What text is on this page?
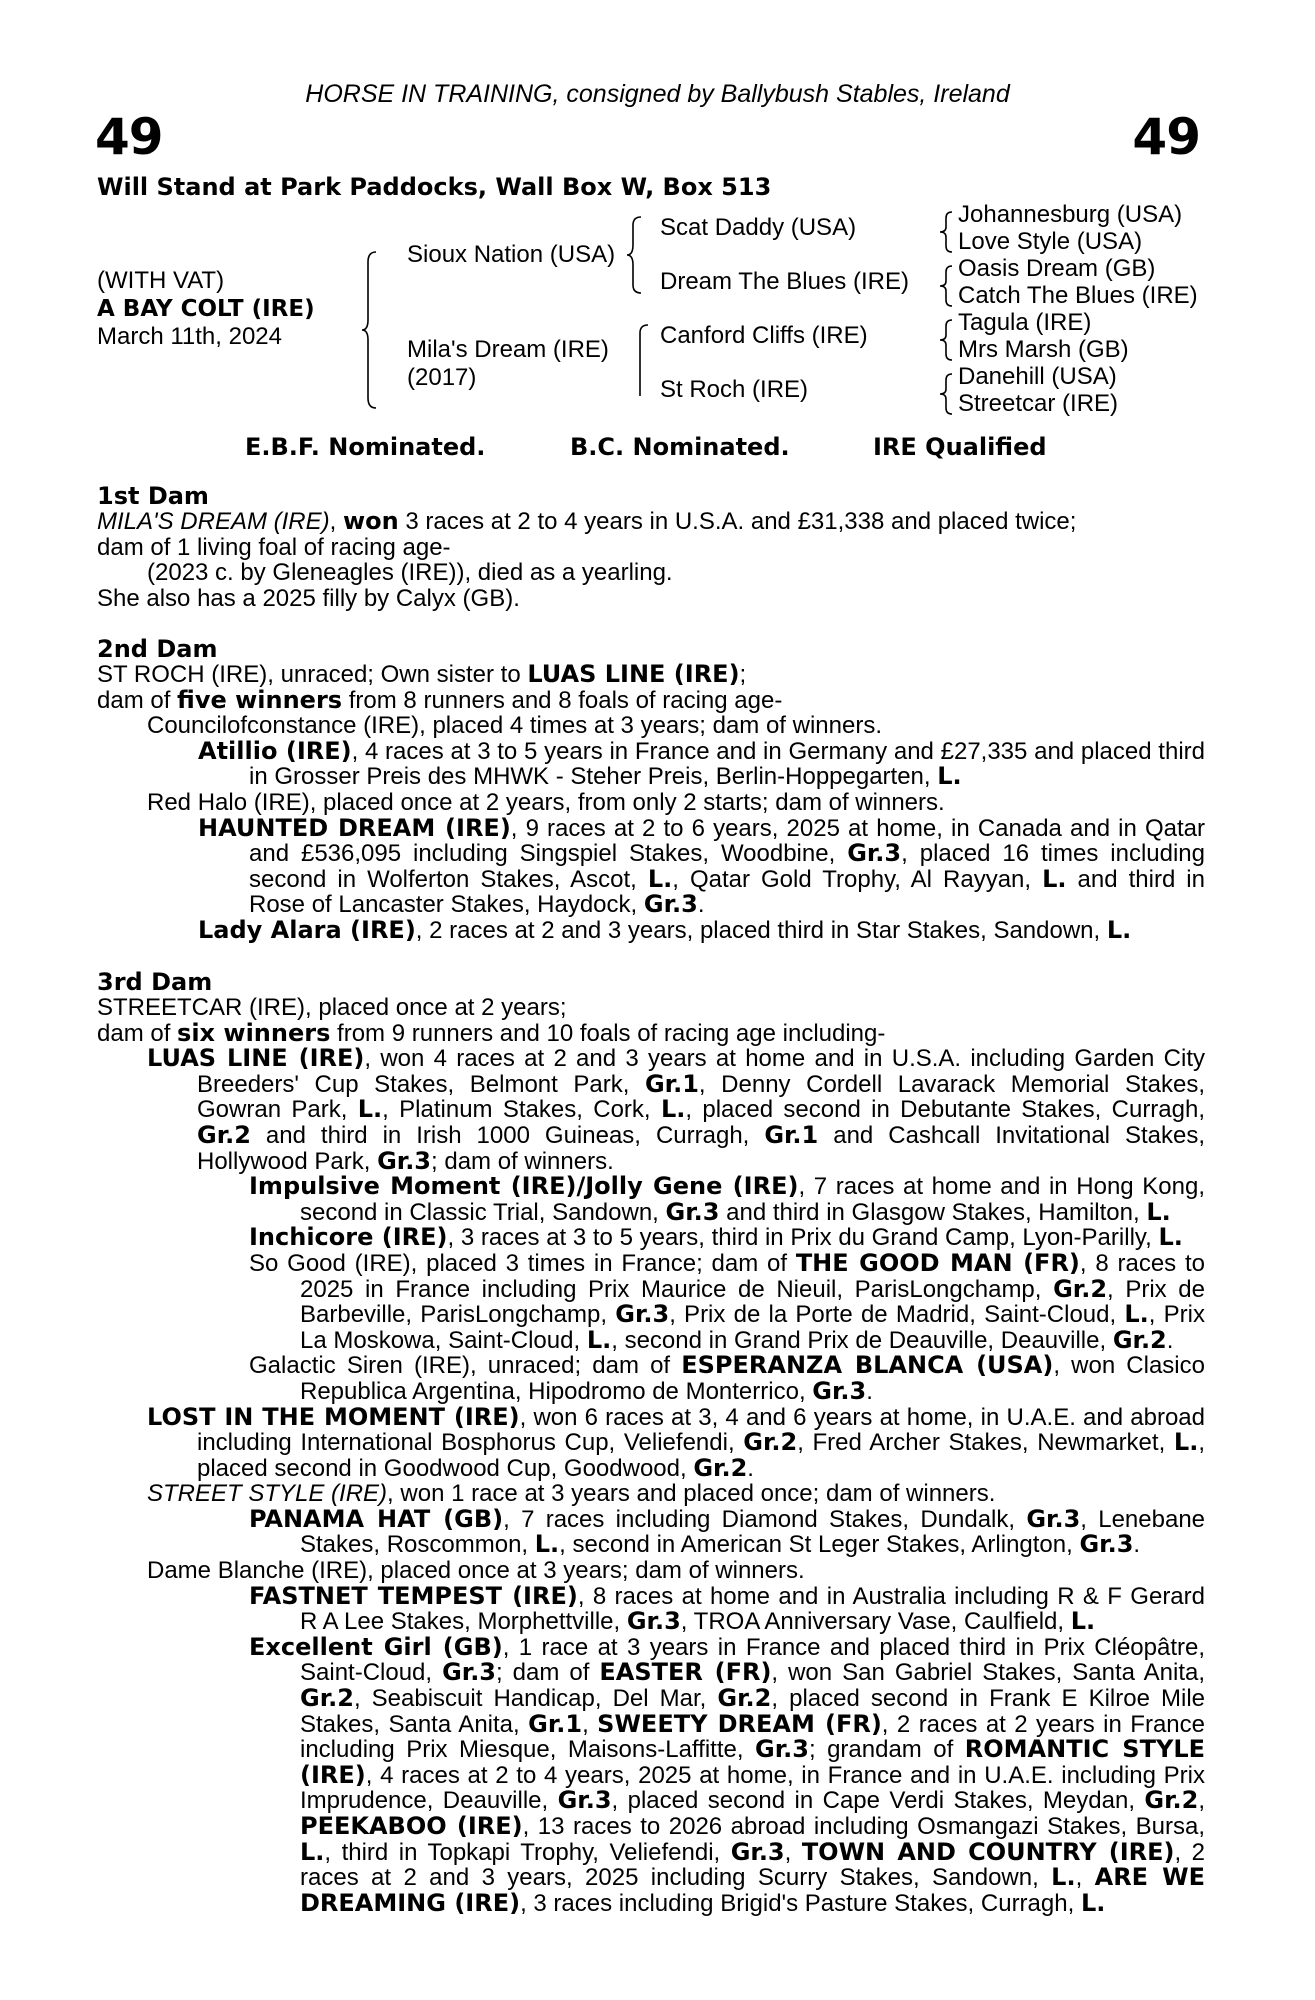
HORSE IN TRAINING, consigned by Ballybush Stables, Ireland
49	49
Will Stand at Park Paddocks, Wall Box W, Box 513
(WITH VAT)
A BAY COLT (IRE)
March 11th, 2024
Sioux Nation (USA)
Mila's Dream (IRE)
(2017)
Scat Daddy (USA)
Dream The Blues (IRE)
Canford Cliffs (IRE)
St Roch (IRE)
Johannesburg (USA)
Love Style (USA)
Oasis Dream (GB)
Catch The Blues (IRE)
Tagula (IRE)
Mrs Marsh (GB)
Danehill (USA)
Streetcar (IRE)
E.B.F. Nominated.	B.C. Nominated.	IRE Qualified
1st Dam

MILA'S DREAM (IRE), won 3 races at 2 to 4 years in U.S.A. and £31,338 and placed twice;

dam of 1 living foal of racing age-

(2023 c. by Gleneagles (IRE)), died as a yearling.

She also has a 2025 filly by Calyx (GB).

2nd Dam

ST ROCH (IRE), unraced; Own sister to LUAS LINE (IRE);

dam of five winners from 8 runners and 8 foals of racing age-

Councilofconstance (IRE), placed 4 times at 3 years; dam of winners.

Atillio (IRE), 4 races at 3 to 5 years in France and in Germany and £27,335 and placed third in Grosser Preis des MHWK - Steher Preis, Berlin-Hoppegarten, L.

Red Halo (IRE), placed once at 2 years, from only 2 starts; dam of winners.

HAUNTED DREAM (IRE), 9 races at 2 to 6 years, 2025 at home, in Canada and in Qatar and £536,095 including Singspiel Stakes, Woodbine, Gr.3, placed 16 times including second in Wolferton Stakes, Ascot, L., Qatar Gold Trophy, Al Rayyan, L. and third in Rose of Lancaster Stakes, Haydock, Gr.3.

Lady Alara (IRE), 2 races at 2 and 3 years, placed third in Star Stakes, Sandown, L.

3rd Dam

STREETCAR (IRE), placed once at 2 years;

dam of six winners from 9 runners and 10 foals of racing age including-

LUAS LINE (IRE), won 4 races at 2 and 3 years at home and in U.S.A. including Garden City Breeders' Cup Stakes, Belmont Park, Gr.1, Denny Cordell Lavarack Memorial Stakes, Gowran Park, L., Platinum Stakes, Cork, L., placed second in Debutante Stakes, Curragh, Gr.2 and third in Irish 1000 Guineas, Curragh, Gr.1 and Cashcall Invitational Stakes, Hollywood Park, Gr.3; dam of winners.

Impulsive Moment (IRE)/Jolly Gene (IRE), 7 races at home and in Hong Kong, second in Classic Trial, Sandown, Gr.3 and third in Glasgow Stakes, Hamilton, L.

Inchicore (IRE), 3 races at 3 to 5 years, third in Prix du Grand Camp, Lyon-Parilly, L.

So Good (IRE), placed 3 times in France; dam of THE GOOD MAN (FR), 8 races to 2025 in France including Prix Maurice de Nieuil, ParisLongchamp, Gr.2, Prix de Barbeville, ParisLongchamp, Gr.3, Prix de la Porte de Madrid, Saint-Cloud, L., Prix La Moskowa, Saint-Cloud, L., second in Grand Prix de Deauville, Deauville, Gr.2.

Galactic Siren (IRE), unraced; dam of ESPERANZA BLANCA (USA), won Clasico Republica Argentina, Hipodromo de Monterrico, Gr.3.

LOST IN THE MOMENT (IRE), won 6 races at 3, 4 and 6 years at home, in U.A.E. and abroad including International Bosphorus Cup, Veliefendi, Gr.2, Fred Archer Stakes, Newmarket, L., placed second in Goodwood Cup, Goodwood, Gr.2.

STREET STYLE (IRE), won 1 race at 3 years and placed once; dam of winners.

PANAMA HAT (GB), 7 races including Diamond Stakes, Dundalk, Gr.3, Lenebane Stakes, Roscommon, L., second in American St Leger Stakes, Arlington, Gr.3.

Dame Blanche (IRE), placed once at 3 years; dam of winners.

FASTNET TEMPEST (IRE), 8 races at home and in Australia including R & F Gerard R A Lee Stakes, Morphettville, Gr.3, TROA Anniversary Vase, Caulfield, L.

Excellent Girl (GB), 1 race at 3 years in France and placed third in Prix Cléopâtre, Saint-Cloud, Gr.3; dam of EASTER (FR), won San Gabriel Stakes, Santa Anita, Gr.2, Seabiscuit Handicap, Del Mar, Gr.2, placed second in Frank E Kilroe Mile Stakes, Santa Anita, Gr.1, SWEETY DREAM (FR), 2 races at 2 years in France including Prix Miesque, Maisons-Laffitte, Gr.3; grandam of ROMANTIC STYLE (IRE), 4 races at 2 to 4 years, 2025 at home, in France and in U.A.E. including Prix Imprudence, Deauville, Gr.3, placed second in Cape Verdi Stakes, Meydan, Gr.2, PEEKABOO (IRE), 13 races to 2026 abroad including Osmangazi Stakes, Bursa, L., third in Topkapi Trophy, Veliefendi, Gr.3, TOWN AND COUNTRY (IRE), 2 races at 2 and 3 years, 2025 including Scurry Stakes, Sandown, L., ARE WE DREAMING (IRE), 3 races including Brigid's Pasture Stakes, Curragh, L.
